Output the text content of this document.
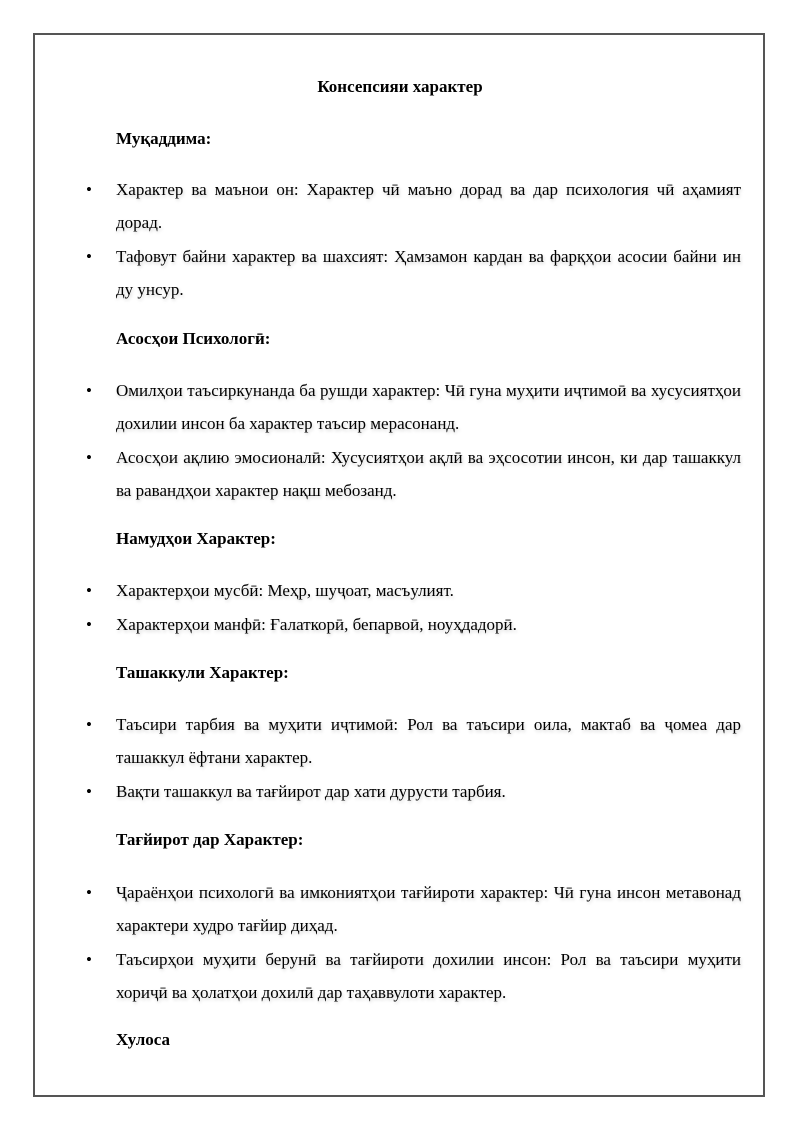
Консепсияи характер
Муқаддима:
• Характер ва маънои он: Характер чӣ маъно дорад ва дар психология чӣ аҳамият дорад.
• Тафовут байни характер ва шахсият: Ҳамзамон кардан ва фарқҳои асосии байни ин ду унсур.
Асосҳои Психологӣ:
• Омилҳои таъсиркунанда ба рушди характер: Чӣ гуна муҳити иҷтимоӣ ва хусусиятҳои дохилии инсон ба характер таъсир мерасонанд.
• Асосҳои ақлию эмосионалӣ: Хусусиятҳои ақлӣ ва эҳсосотии инсон, ки дар ташаккул ва равандҳои характер нақш мебозанд.
Намудҳои Характер:
• Характерҳои мусбӣ: Меҳр, шуҷоат, масъулият.
• Характерҳои манфӣ: Ғалаткорӣ, бепарвоӣ, ноуҳдадорӣ.
Ташаккули Характер:
• Таъсири тарбия ва муҳити иҷтимоӣ: Рол ва таъсири оила, мактаб ва ҷомеа дар ташаккул ёфтани характер.
• Вақти ташаккул ва тағйирот дар хати дурусти тарбия.
Тағйирот дар Характер:
• Ҷараёнҳои психологӣ ва имкониятҳои тағйироти характер: Чӣ гуна инсон метавонад характери худро тағйир диҳад.
• Таъсирҳои муҳити берунӣ ва тағйироти дохилии инсон: Рол ва таъсири муҳити хориҷӣ ва ҳолатҳои дохилӣ дар таҳаввулоти характер.
Хулоса
